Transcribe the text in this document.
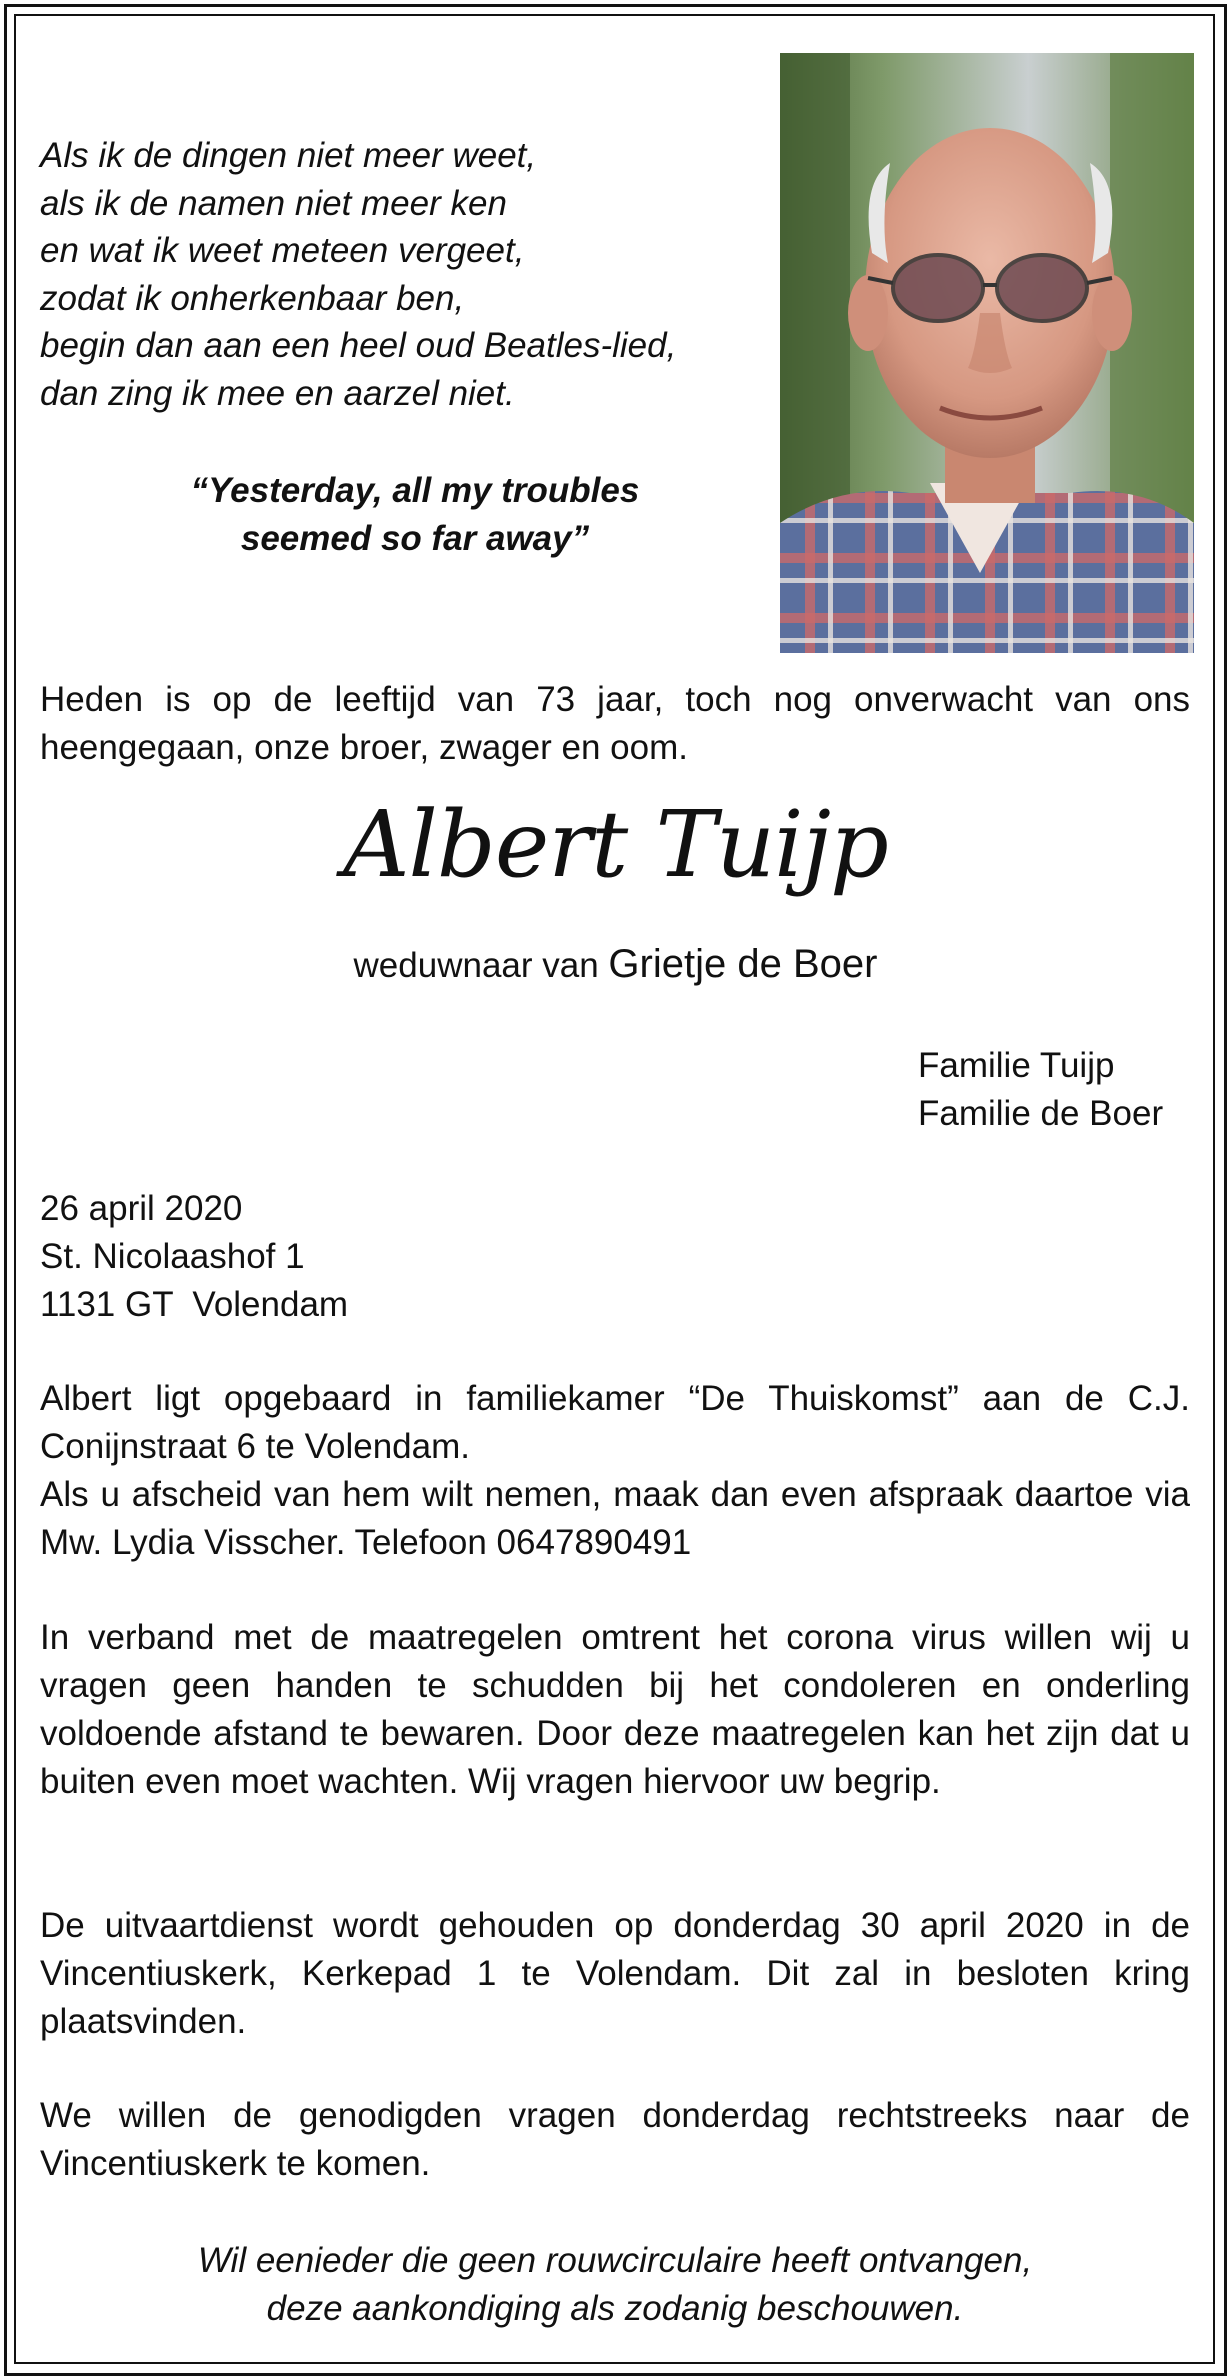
Als ik de dingen niet meer weet,
als ik de namen niet meer ken
en wat ik weet meteen vergeet,
zodat ik onherkenbaar ben,
begin dan aan een heel oud Beatles-lied,
dan zing ik mee en aarzel niet.
“Yesterday, all my troubles
seemed so far away”

Heden is op de leeftijd van 73 jaar, toch nog onverwacht van ons heengegaan, onze broer, zwager en oom.

Albert Tuijp
weduwnaar van Grietje de Boer
Familie Tuijp
Familie de Boer
26 april 2020
St. Nicolaashof 1
1131 GT  Volendam

Albert ligt opgebaard in familiekamer “De Thuiskomst” aan de C.J. Conijnstraat 6 te Volendam.

Als u afscheid van hem wilt nemen, maak dan even afspraak daartoe via Mw. Lydia Visscher. Telefoon 0647890491

In verband met de maatregelen omtrent het corona virus willen wij u vragen geen handen te schudden bij het condoleren en onderling voldoende afstand te bewaren. Door deze maatregelen kan het zijn dat u buiten even moet wachten. Wij vragen hiervoor uw begrip.

De uitvaartdienst wordt gehouden op donderdag 30 april 2020 in de Vincentiuskerk, Kerkepad 1 te Volendam. Dit zal in besloten kring plaatsvinden.

We willen de genodigden vragen donderdag rechtstreeks naar de Vincentiuskerk te komen.

Wil eenieder die geen rouwcirculaire heeft ontvangen,
deze aankondiging als zodanig beschouwen.
